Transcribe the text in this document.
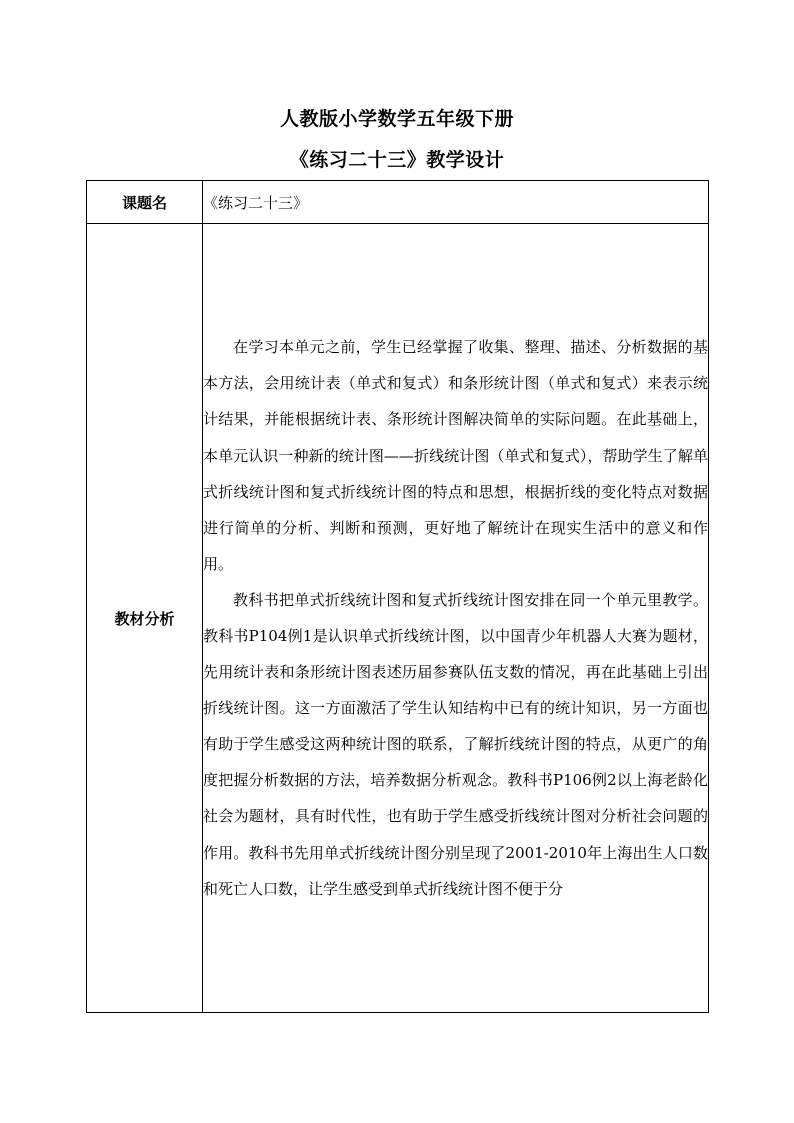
人教版小学数学五年级下册
《练习二十三》教学设计
课题名	《练习二十三》
教材分析	在学习本单元之前，学生已经掌握了收集、整理、描述、分析数据的基本方法，会用统计表（单式和复式）和条形统计图（单式和复式）来表示统计结果，并能根据统计表、条形统计图解决简单的实际问题。在此基础上，本单元认识一种新的统计图——折线统计图（单式和复式），帮助学生了解单式折线统计图和复式折线统计图的特点和思想，根据折线的变化特点对数据进行简单的分析、判断和预测，更好地了解统计在现实生活中的意义和作用。

教科书把单式折线统计图和复式折线统计图安排在同一个单元里教学。教科书P104例1是认识单式折线统计图，以中国青少年机器人大赛为题材，先用统计表和条形统计图表述历届参赛队伍支数的情况，再在此基础上引出折线统计图。这一方面激活了学生认知结构中已有的统计知识，另一方面也有助于学生感受这两种统计图的联系，了解折线统计图的特点，从更广的角度把握分析数据的方法，培养数据分析观念。教科书P106例2以上海老龄化社会为题材，具有时代性，也有助于学生感受折线统计图对分析社会问题的作用。教科书先用单式折线统计图分别呈现了2001-2010年上海出生人口数和死亡人口数，让学生感受到单式折线统计图不便于分
